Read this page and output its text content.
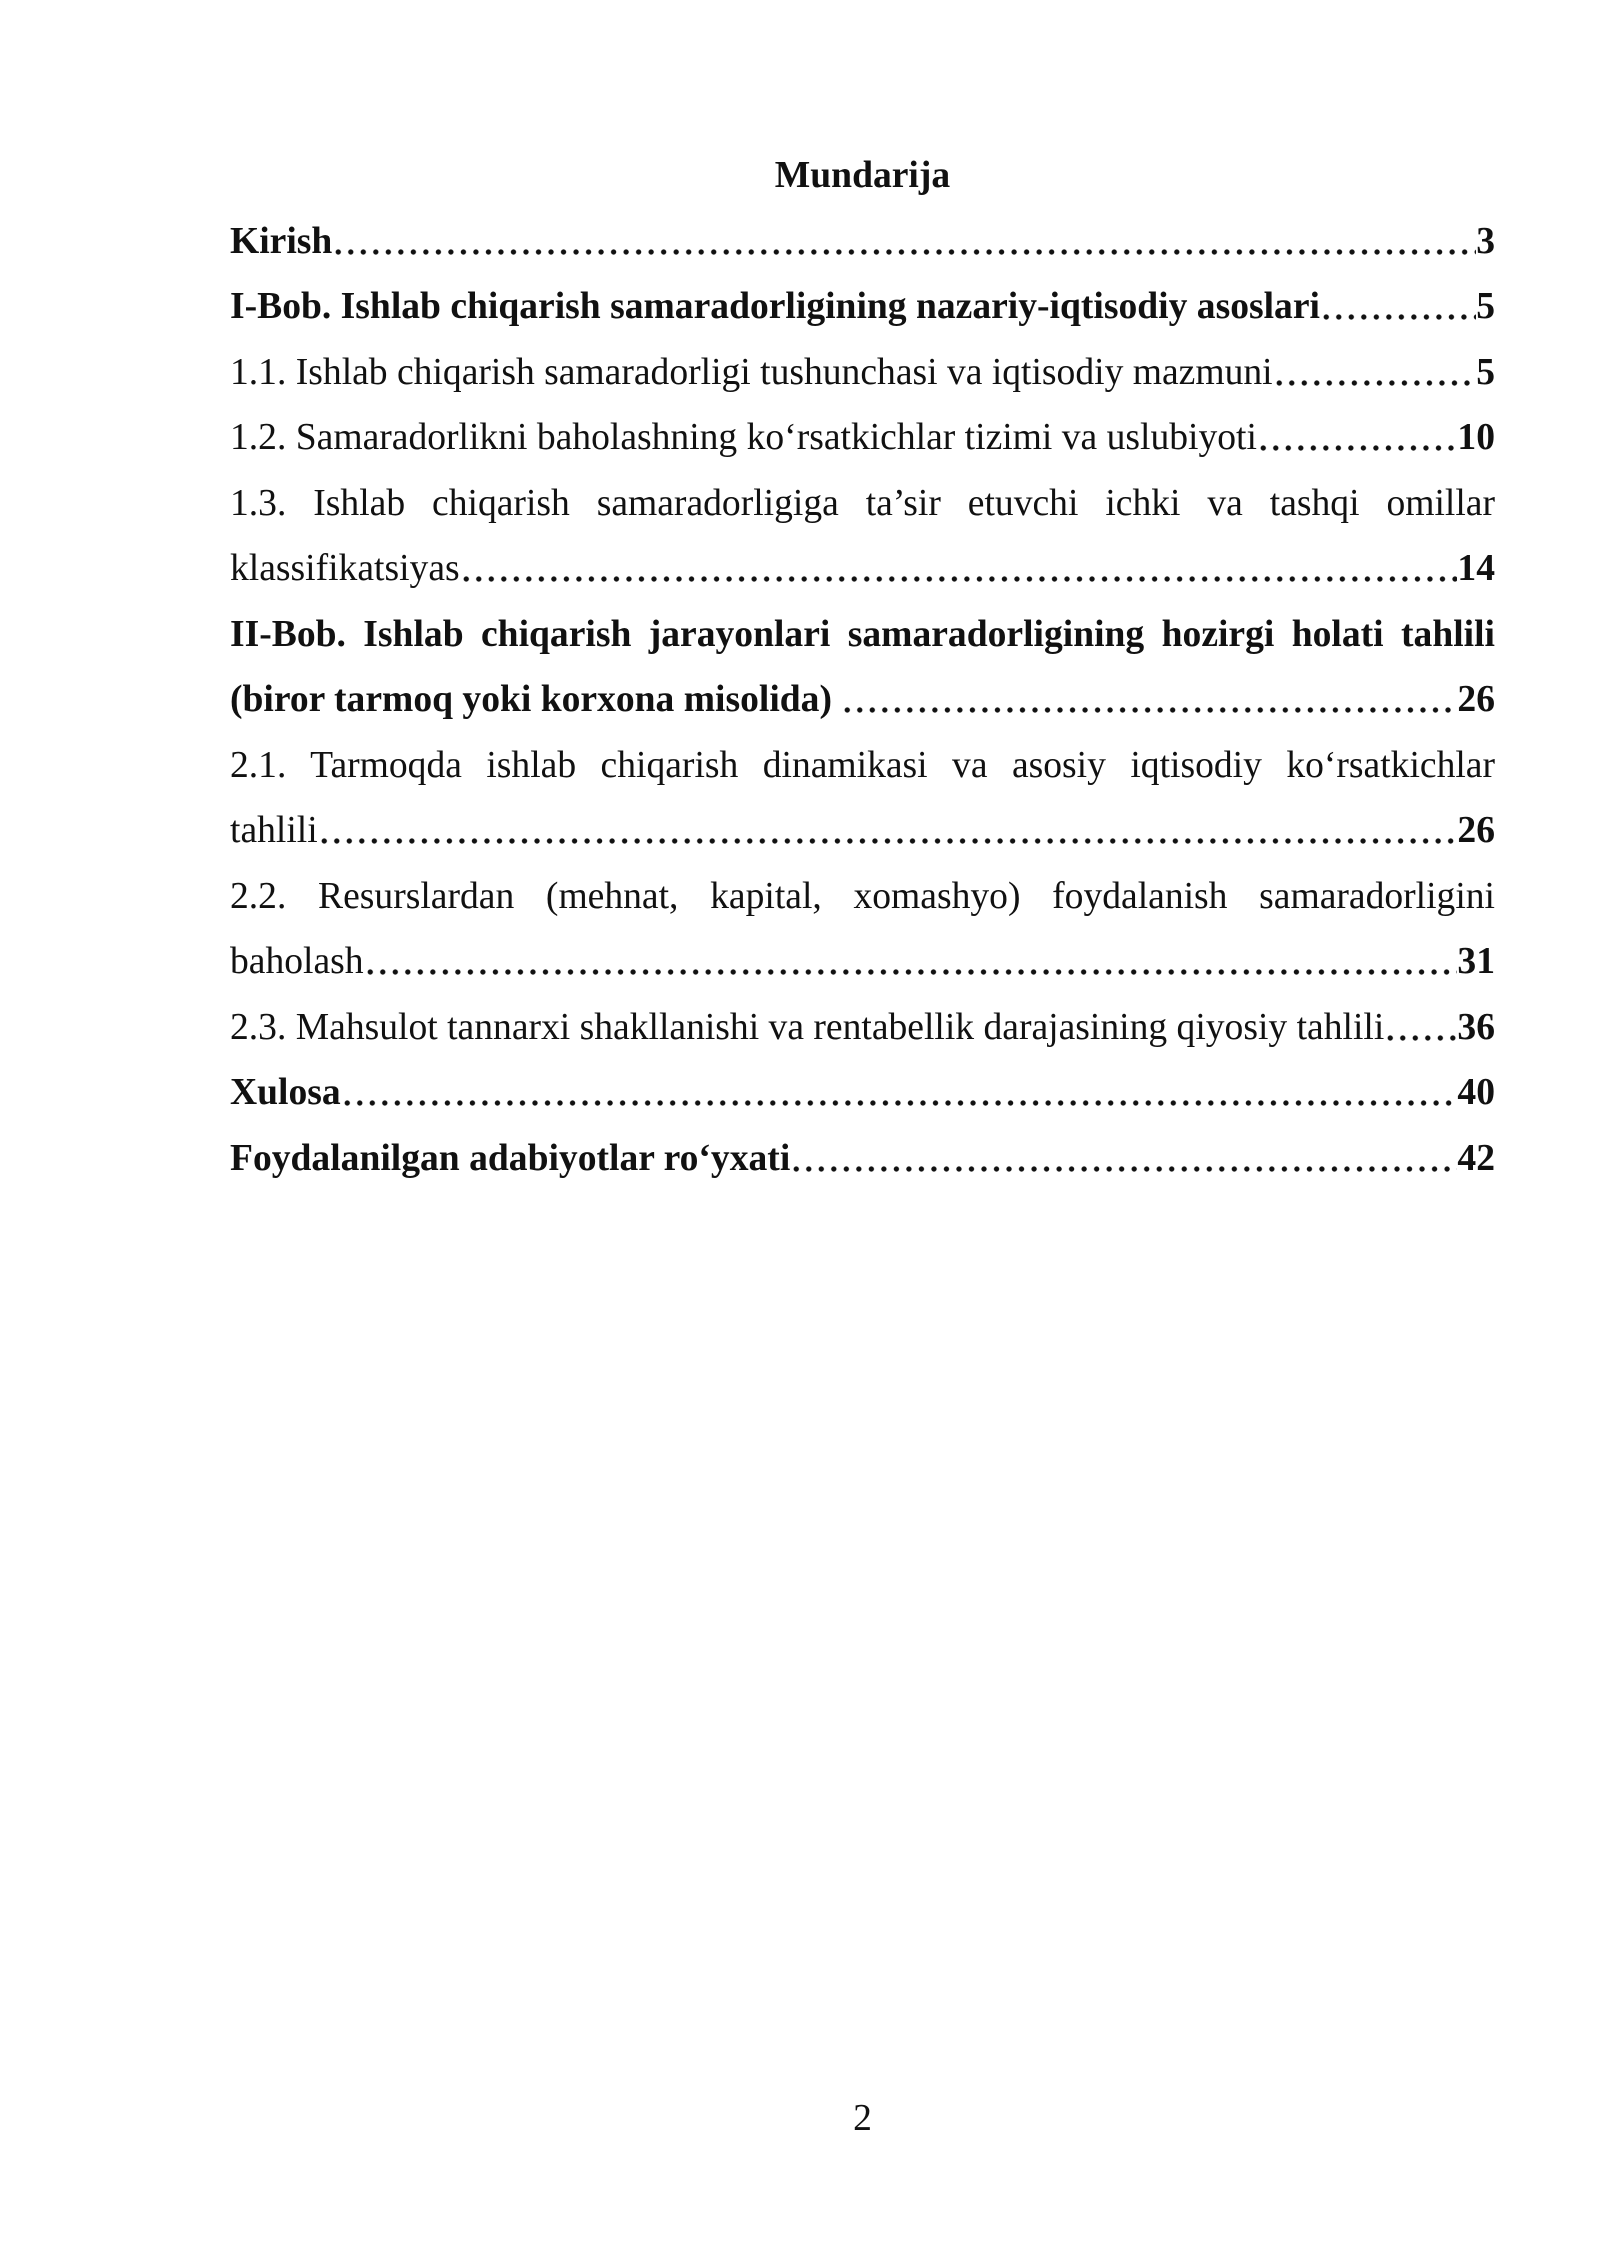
Mundarija
Kirish	3
I-Bob. Ishlab chiqarish samaradorligining nazariy-iqtisodiy asoslari	5
1.1. Ishlab chiqarish samaradorligi tushunchasi va iqtisodiy mazmuni	5
1.2. Samaradorlikni baholashning ko‘rsatkichlar tizimi va uslubiyoti	10
1.3. Ishlab chiqarish samaradorligiga ta’sir etuvchi ichki va tashqi omillar
klassifikatsiyas	14
II-Bob. Ishlab chiqarish jarayonlari samaradorligining hozirgi holati tahlili
(biror tarmoq yoki korxona misolida)	26
2.1. Tarmoqda ishlab chiqarish dinamikasi va asosiy iqtisodiy ko‘rsatkichlar
tahlili	26
2.2. Resurslardan (mehnat, kapital, xomashyo) foydalanish samaradorligini
baholash	31
2.3. Mahsulot tannarxi shakllanishi va rentabellik darajasining qiyosiy tahlili 36
Xulosa	40
Foydalanilgan adabiyotlar ro‘yxati	42
2
